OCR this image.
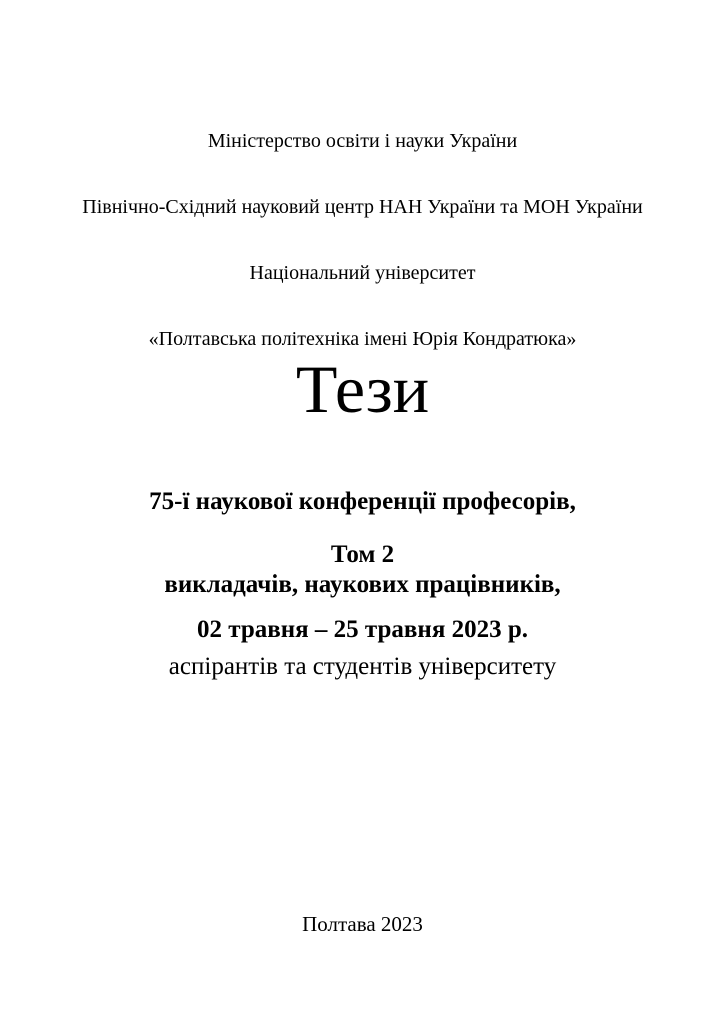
Міністерство освіти і науки України

Північно-Східний науковий центр НАН України та МОН України

Національний університет

«Полтавська політехніка імені Юрія Кондратюка»

Тези

75-ї наукової конференції професорів,

викладачів, наукових працівників,

аспірантів та студентів університету

Том 2
02 травня – 25 травня 2023 р.
Полтава 2023
